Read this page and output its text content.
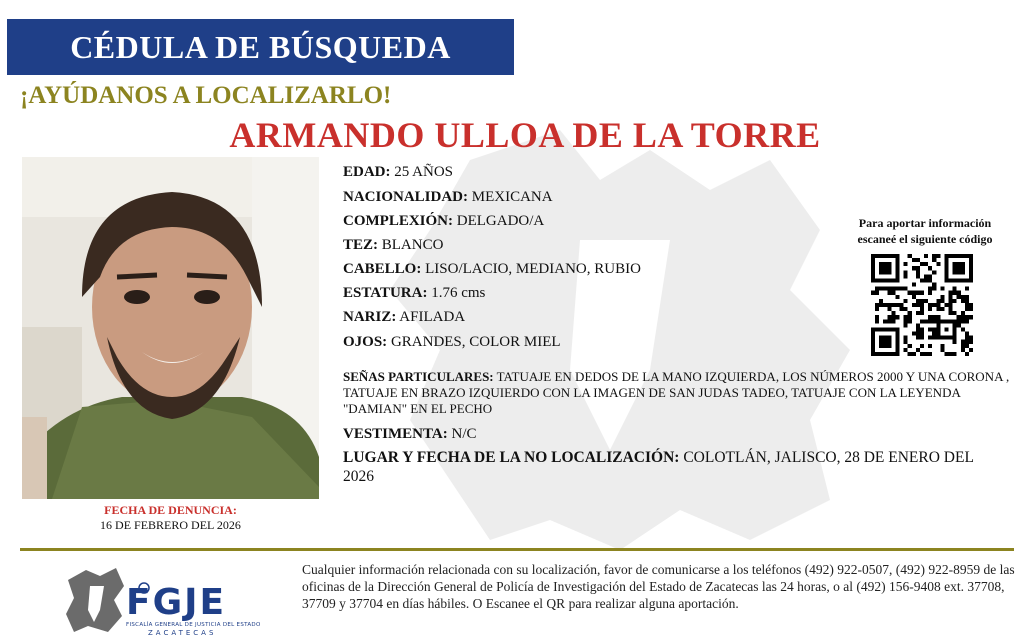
CÉDULA DE BÚSQUEDA
¡AYÚDANOS A LOCALIZARLO!
ARMANDO ULLOA DE LA TORRE
FECHA DE DENUNCIA:
16 DE FEBRERO DEL 2026
EDAD: 25 AÑOS
NACIONALIDAD: MEXICANA
COMPLEXIÓN: DELGADO/A
TEZ: BLANCO
CABELLO: LISO/LACIO, MEDIANO, RUBIO
ESTATURA: 1.76 cms
NARIZ: AFILADA
OJOS: GRANDES, COLOR MIEL
SEÑAS PARTICULARES: TATUAJE EN DEDOS DE LA MANO IZQUIERDA, LOS NÚMEROS 2000 Y UNA CORONA , TATUAJE EN BRAZO IZQUIERDO CON LA IMAGEN DE SAN JUDAS TADEO, TATUAJE CON LA LEYENDA "DAMIAN" EN EL PECHO
VESTIMENTA: N/C
LUGAR Y FECHA DE LA NO LOCALIZACIÓN: COLOTLÁN, JALISCO, 28 DE ENERO DEL 2026
Para aportar información
escaneé el siguiente código
FGJE
FISCALÍA GENERAL DE JUSTICIA DEL ESTADO
ZACATECAS
Cualquier información relacionada con su localización, favor de comunicarse a los teléfonos (492) 922-0507, (492) 922-8959 de las oficinas de la Dirección General de Policía de Investigación del Estado de Zacatecas las 24 horas, o al (492) 156-9408 ext. 37708, 37709 y 37704 en días hábiles. O Escanee el QR para realizar alguna aportación.
